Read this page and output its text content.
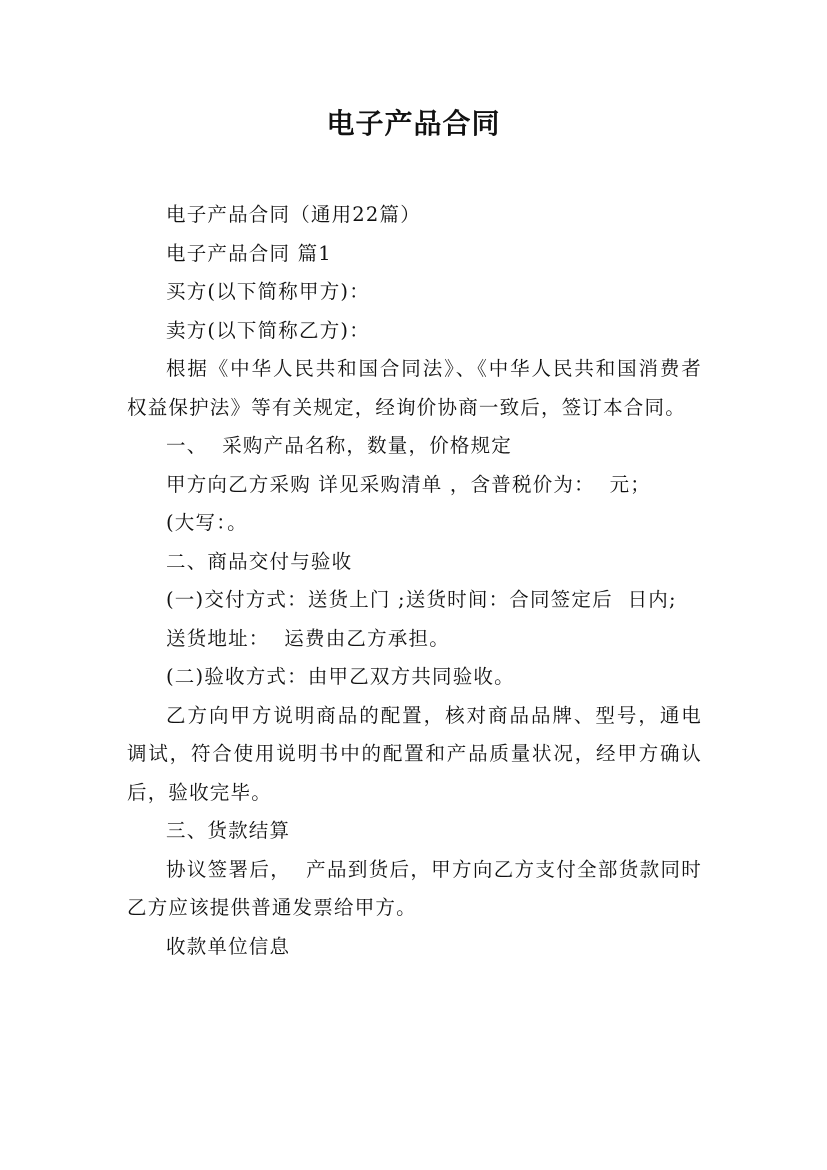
电子产品合同

电子产品合同（通用22篇）

电子产品合同 篇1

买方(以下简称甲方)：

卖方(以下简称乙方)：

根据《中华人民共和国合同法》、《中华人民共和国消费者权益保护法》等有关规定，经询价协商一致后，签订本合同。

一、  采购产品名称，数量，价格规定

甲方向乙方采购 详见采购清单 ，含普税价为：  元；

(大写：。

二、商品交付与验收

(一)交付方式：送货上门 ;送货时间：合同签定后  日内;

送货地址：  运费由乙方承担。

(二)验收方式：由甲乙双方共同验收。

乙方向甲方说明商品的配置，核对商品品牌、型号，通电调试，符合使用说明书中的配置和产品质量状况，经甲方确认后，验收完毕。

三、货款结算

协议签署后，  产品到货后，甲方向乙方支付全部货款同时乙方应该提供普通发票给甲方。

收款单位信息
